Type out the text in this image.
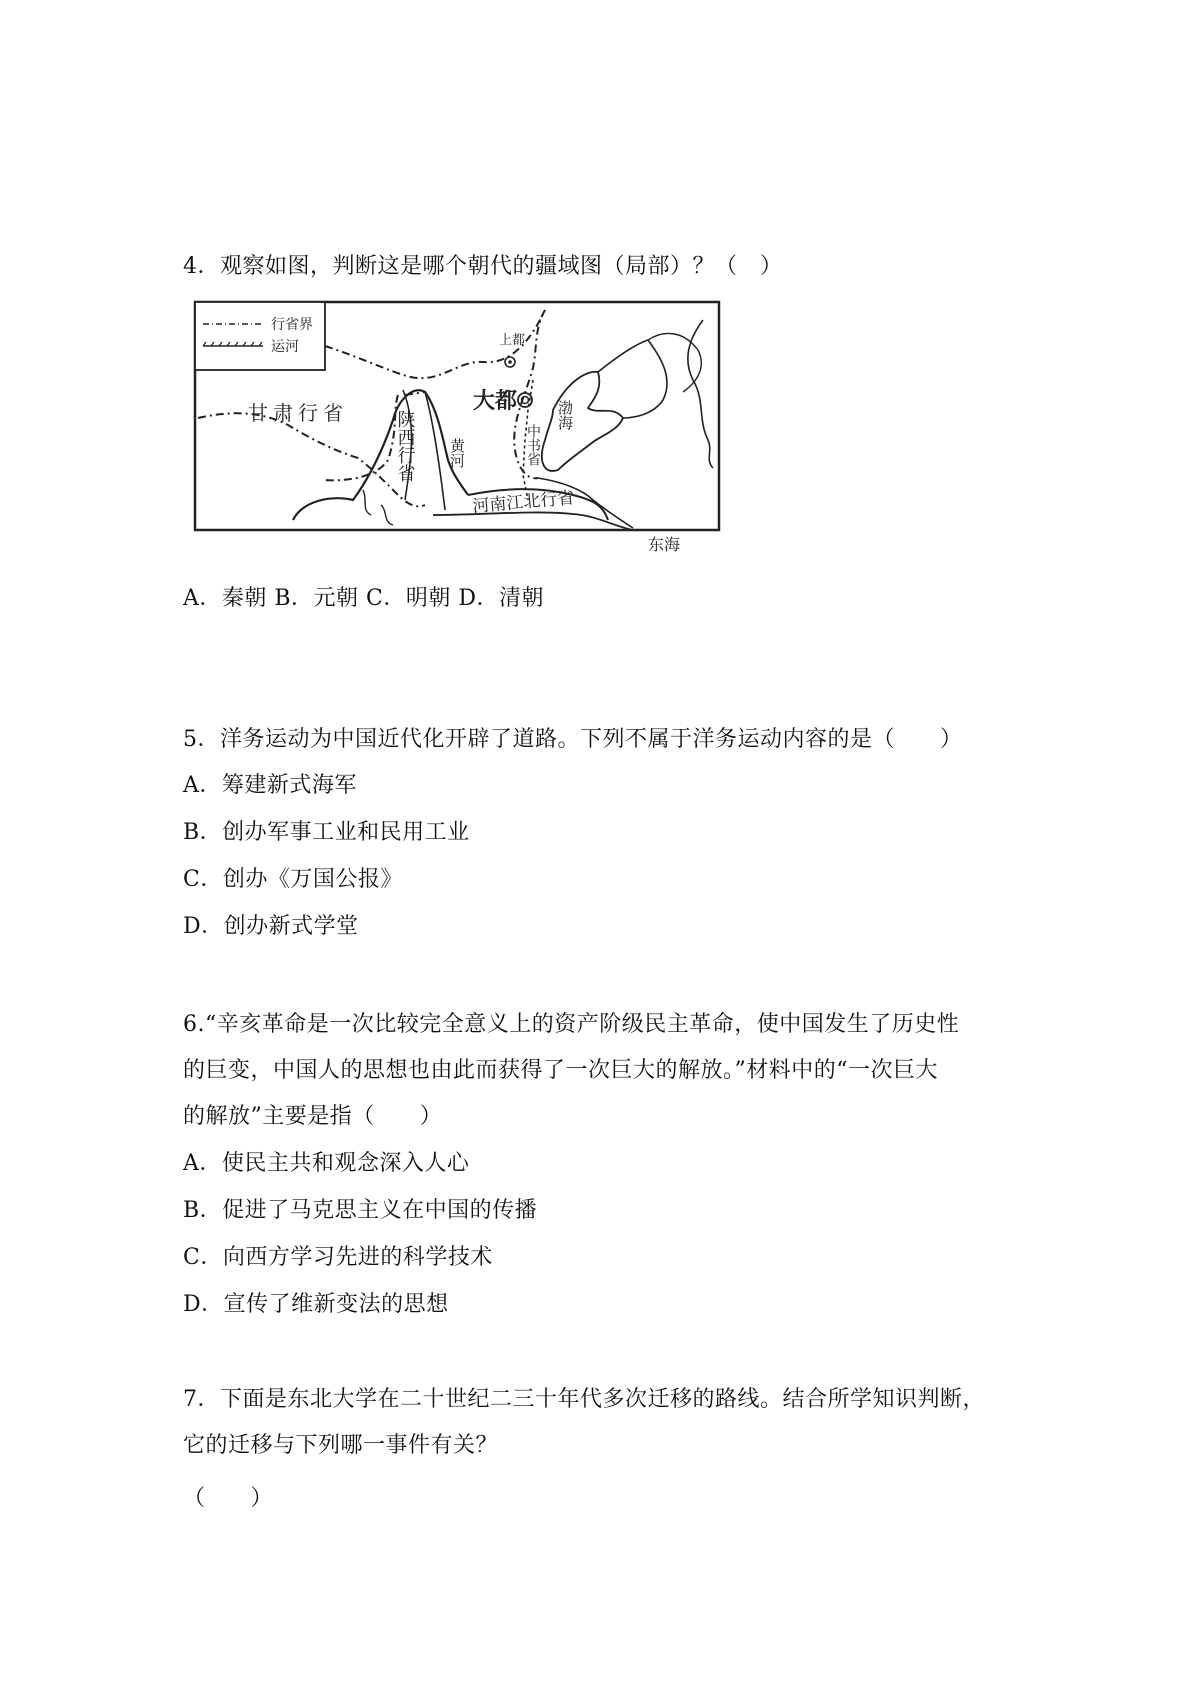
4．观察如图，判断这是哪个朝代的疆域图（局部）？（　）
行省界
运河
甘肃行省
上都
大都
陕西行省 黄河	中书省
渤海
河南江北行省
东海
A．秦朝 B．元朝 C．明朝 D．清朝
5．洋务运动为中国近代化开辟了道路。下列不属于洋务运动内容的是（　　）
A．筹建新式海军
B．创办军事工业和民用工业
C．创办《万国公报》
D．创办新式学堂
6.“辛亥革命是一次比较完全意义上的资产阶级民主革命，使中国发生了历史性
的巨变，中国人的思想也由此而获得了一次巨大的解放。”材料中的“一次巨大
的解放”主要是指（　　）
A．使民主共和观念深入人心
B．促进了马克思主义在中国的传播
C．向西方学习先进的科学技术
D．宣传了维新变法的思想
7．下面是东北大学在二十世纪二三十年代多次迁移的路线。结合所学知识判断，
它的迁移与下列哪一事件有关？
（　　）
